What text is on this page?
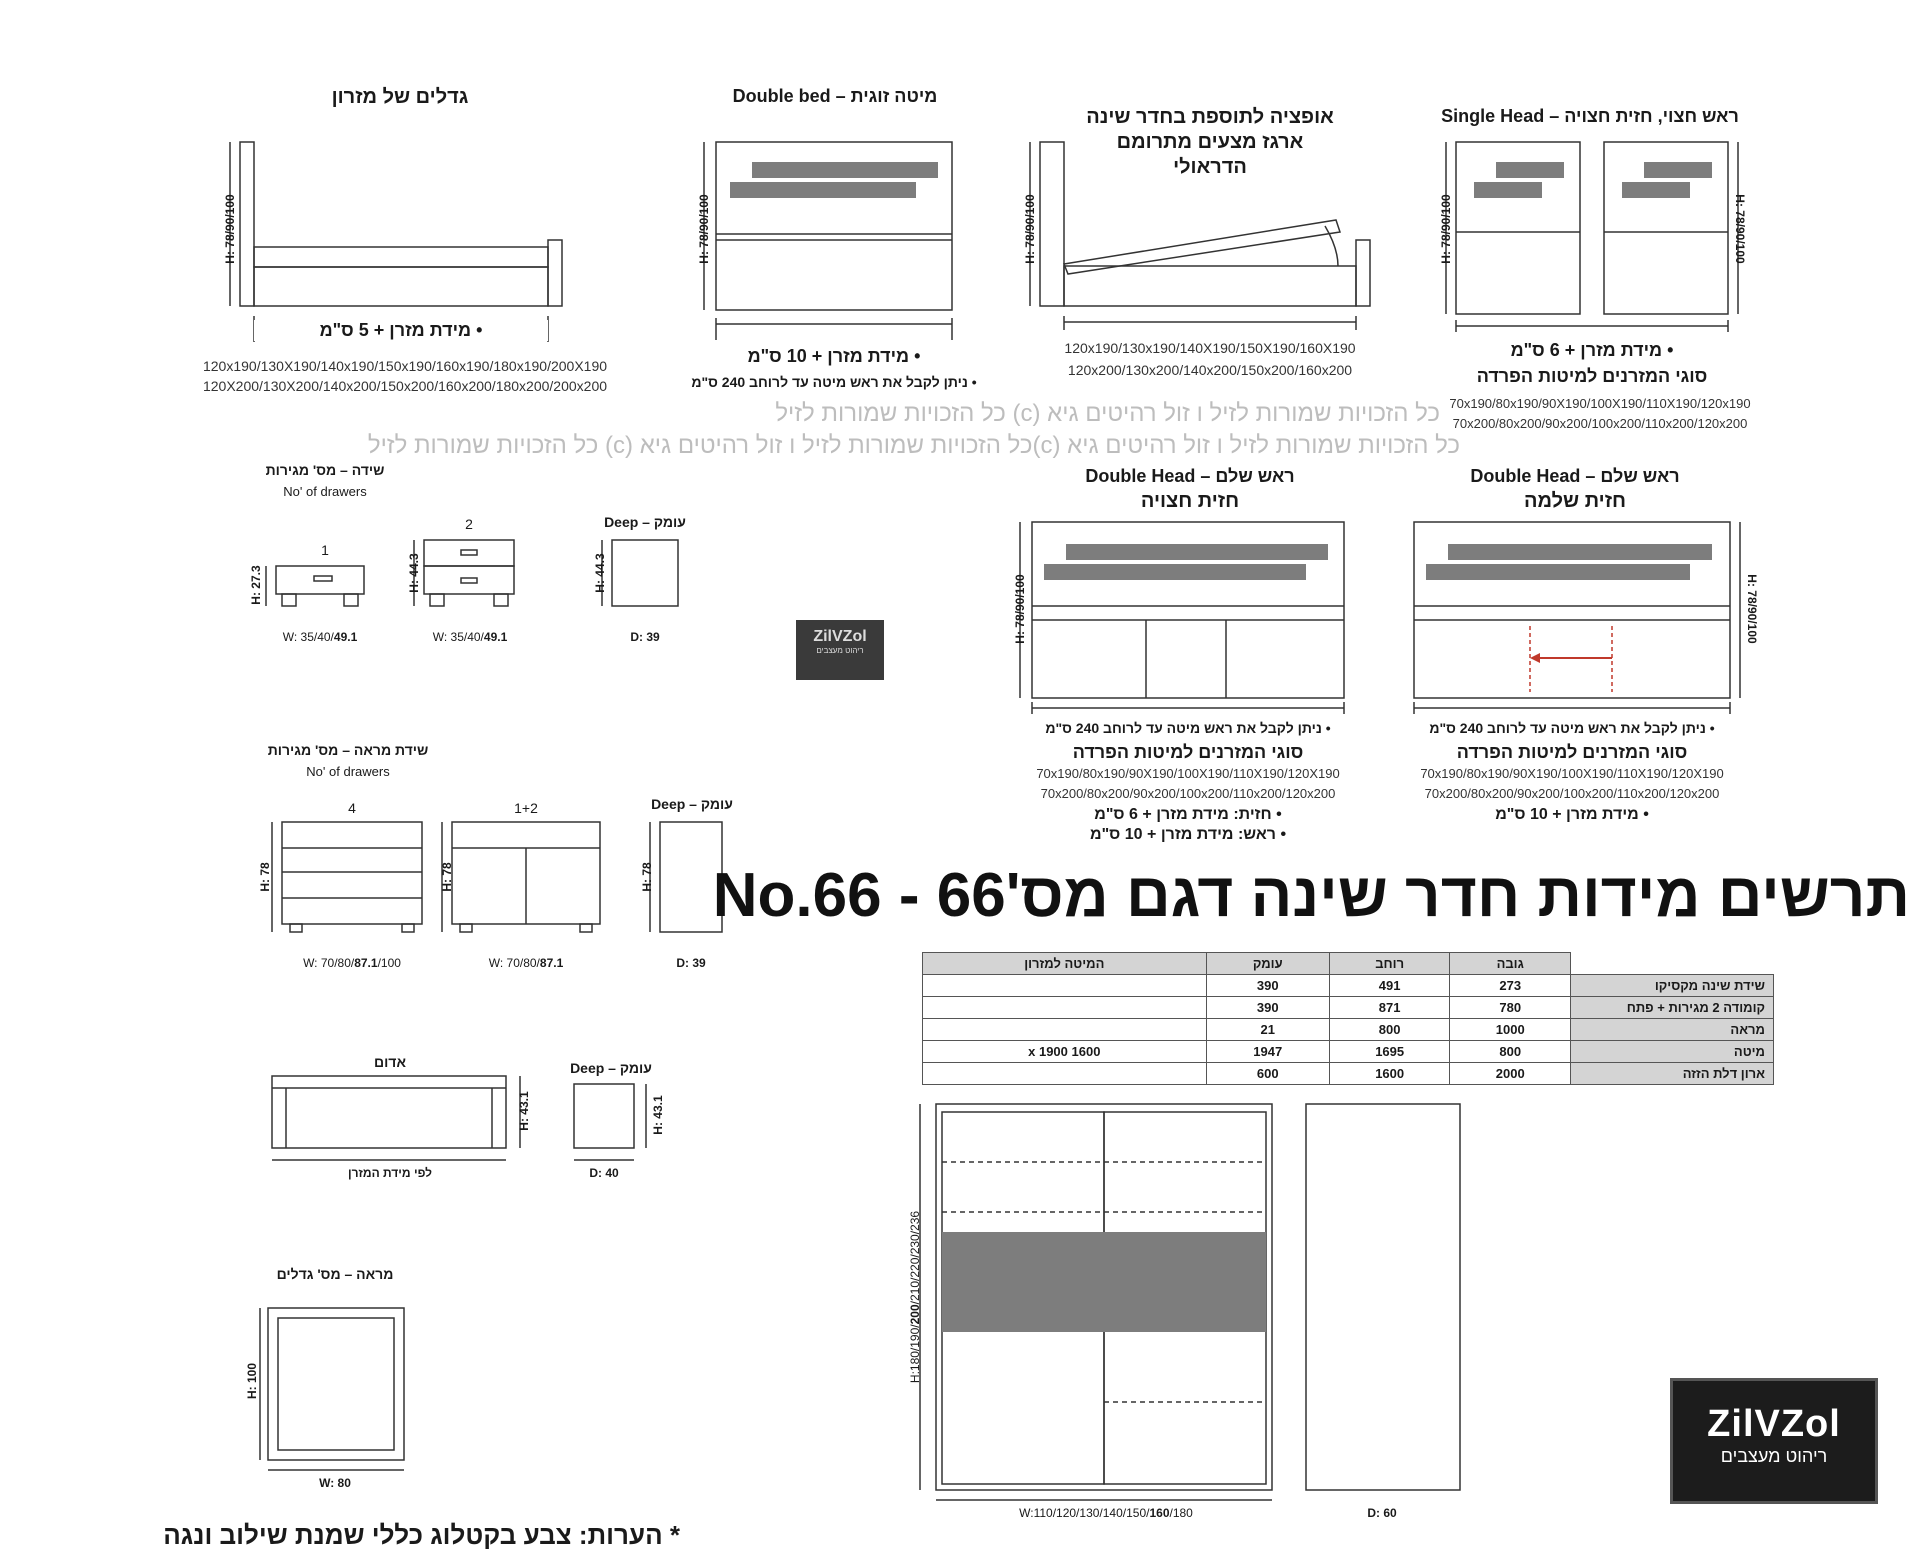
כל הזכויות שמורות לזיל ו זול רהיטים גיא (c) כל הזכויות שמורות לזיל
כל הזכויות שמורות לזיל ו זול רהיטים גיא (c)כל הזכויות שמורות לזיל ו זול רהיטים גיא (c) כל הזכויות שמורות לזיל
גדלים של מזרון
H: 78/90/100
• מידת מזרן + 5 ס"מ
120x190/130X190/140x190/150x190/160x190/180x190/200X190
120X200/130X200/140x200/150x200/160x200/180x200/200x200
מיטה זוגית – Double bed
H: 78/90/100
• מידת מזרן + 10 ס"מ
• ניתן לקבל את ראש מיטה עד לרוחב 240 ס"מ
אופציה לתוספת בחדר שינה
ארגז מצעים מתרומם
הדראולי
H: 78/90/100
120x190/130x190/140X190/150X190/160X190
120x200/130x200/140x200/150x200/160x200
ראש חצוי, חזית חצויה – Single Head
H: 78/90/100	H: 78/90/100
• מידת מזרן + 6 ס"מ
סוגי המזרנים למיטות הפרדה
70x190/80x190/90X190/100X190/110X190/120x190
70x200/80x200/90x200/100x200/110x200/120x200
שידה – מס' מגירות
No' of drawers
1
2	Deep – עומק
H: 27.3	H: 44.3	H: 44.3
W: 35/40/49.1	W: 35/40/49.1	D: 39	ZilVZol
ריהוט מעצבים
ראש שלם – Double Head
חזית חצויה
H: 78/90/100
• ניתן לקבל את ראש מיטה עד לרוחב 240 ס"מ
סוגי המזרנים למיטות הפרדה
70x190/80x190/90X190/100X190/110X190/120X190
70x200/80x200/90x200/100x200/110x200/120x200
• חזית: מידת מזרן + 6 ס"מ
• ראש: מידת מזרן + 10 ס"מ
ראש שלם – Double Head
חזית שלמה
H: 78/90/100
• ניתן לקבל את ראש מיטה עד לרוחב 240 ס"מ
סוגי המזרנים למיטות הפרדה
70x190/80x190/90X190/100X190/110X190/120X190
70x200/80x200/90x200/100x200/110x200/120x200
• מידת מזרן + 10 ס"מ
שידת מראה – מס' מגירות
No' of drawers
4	1+2	Deep – עומק
H: 78	H: 78	H: 78
W: 70/80/87.1/100	W: 70/80/87.1	D: 39
תרשים מידות חדר שינה דגם מס'66 - No.66
	גובה	רוחב	עומק	המיטה למזרון
שידת שינה מקסיקו	273	491	390	
קומודה 2 מגירות + פתח	780	871	390	
מראה	1000	800	21	
מיטה	800	1695	1947	1600 x 1900
ארון דלת הזזה	2000	1600	600	
אדום	Deep – עומק
H: 43.1	H: 43.1
לפי מידת המזרן	D: 40
מראה – מס' גדלים
H: 100
W: 80
H:180/190/200/210/220/230/236
W:110/120/130/140/150/160/180	D: 60
ZilVZol
ריהוט מעצבים
* הערות: צבע בקטלוג כללי שמנת שילוב ונגה
